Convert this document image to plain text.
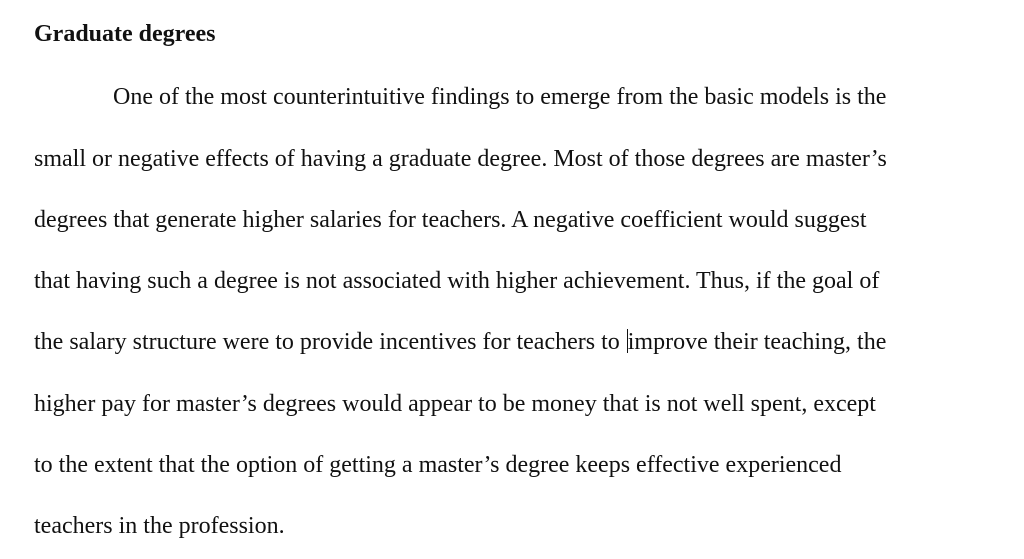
Graduate degrees

One of the most counterintuitive findings to emerge from the basic models is the

small or negative effects of having a graduate degree. Most of those degrees are master’s

degrees that generate higher salaries for teachers. A negative coefficient would suggest

that having such a degree is not associated with higher achievement. Thus, if the goal of

the salary structure were to provide incentives for teachers to improve their teaching, the

higher pay for master’s degrees would appear to be money that is not well spent, except

to the extent that the option of getting a master’s degree keeps effective experienced

teachers in the profession.
